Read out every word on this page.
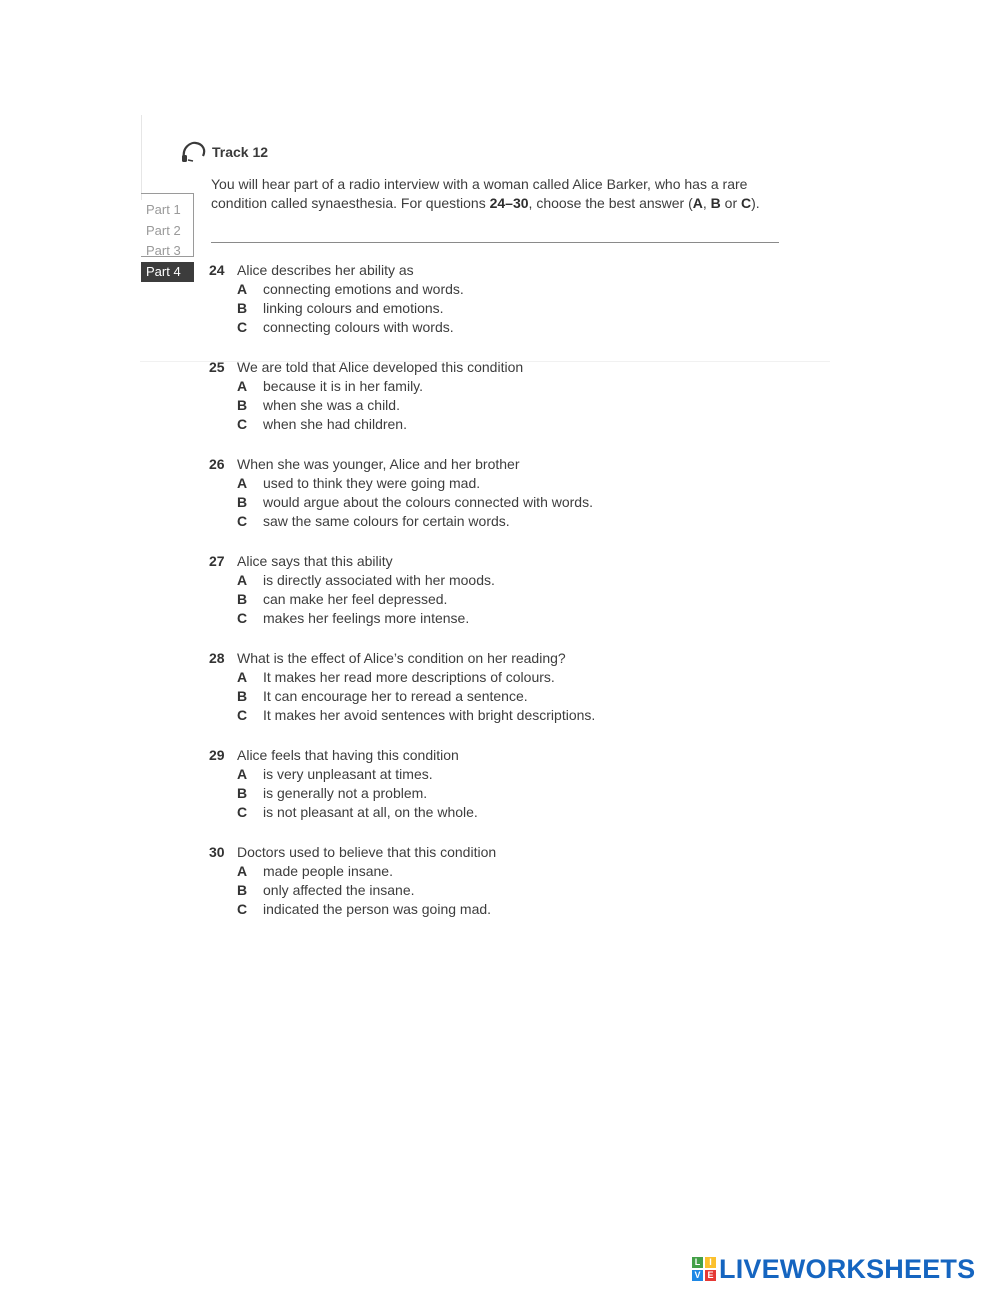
Track 12

You will hear part of a radio interview with a woman called Alice Barker, who has a rare condition called synaesthesia. For questions 24–30, choose the best answer (A, B or C).

Part 1
Part 2
Part 3
Part 4	24 Alice describes her ability as
A	connecting emotions and words.
B	linking colours and emotions.
C	connecting colours with words.
25 We are told that Alice developed this condition
A	because it is in her family.
B	when she was a child.
C	when she had children.
26 When she was younger, Alice and her brother
A	used to think they were going mad.
B	would argue about the colours connected with words.
C	saw the same colours for certain words.
27 Alice says that this ability
A	is directly associated with her moods.
B	can make her feel depressed.
C	makes her feelings more intense.
28 What is the effect of Alice’s condition on her reading?
A	It makes her read more descriptions of colours.
B	It can encourage her to reread a sentence.
C	It makes her avoid sentences with bright descriptions.
29 Alice feels that having this condition
A	is very unpleasant at times.
B	is generally not a problem.
C	is not pleasant at all, on the whole.
30 Doctors used to believe that this condition
A	made people insane.
B	only affected the insane.
C	indicated the person was going mad.
L I
V E LIVEWORKSHEETS
